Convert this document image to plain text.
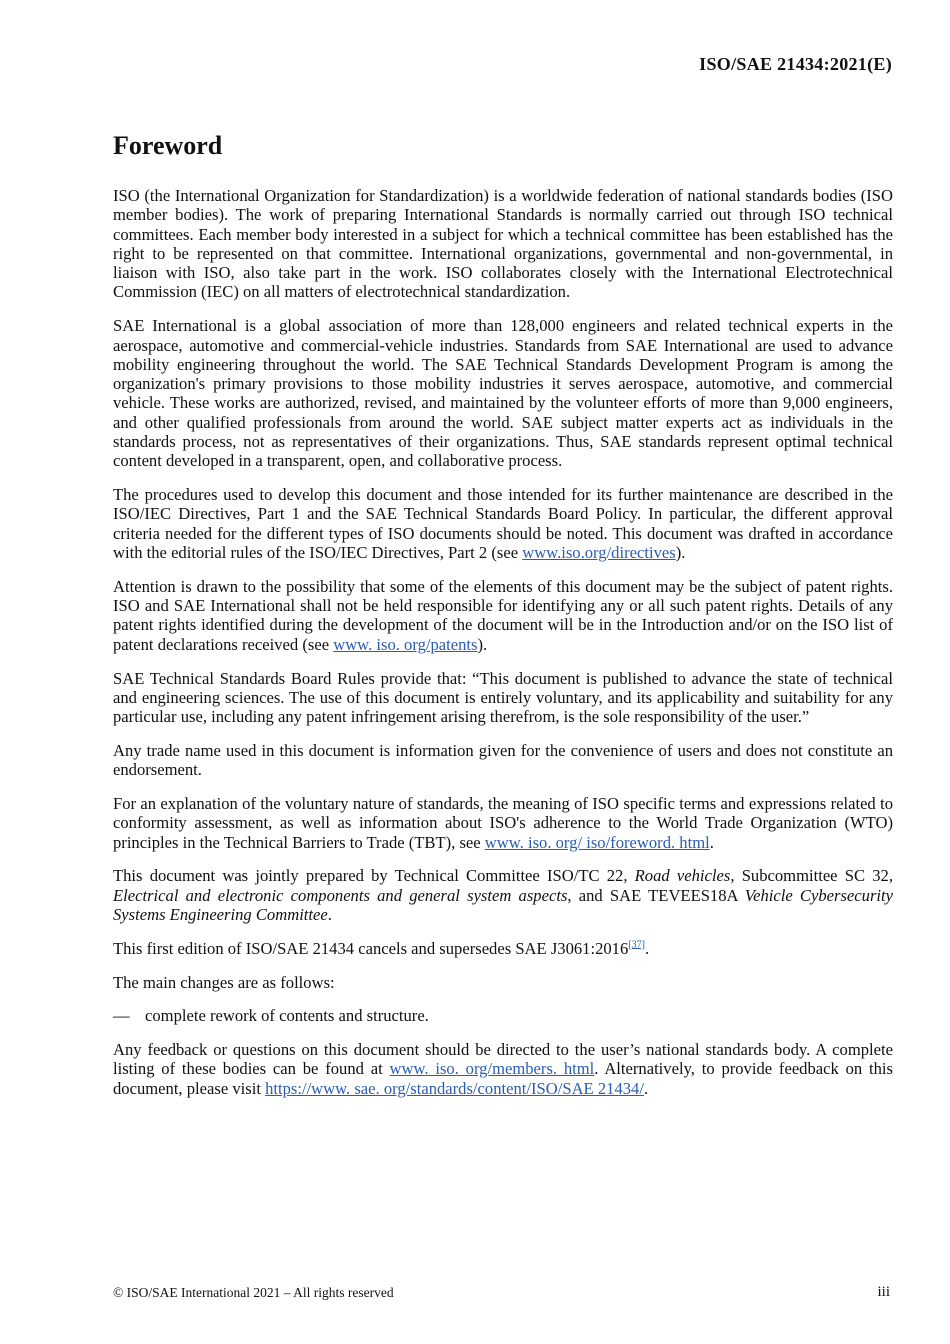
ISO/SAE 21434:2021(E)
Foreword

ISO (the International Organization for Standardization) is a worldwide federation of national standards bodies (ISO member bodies). The work of preparing International Standards is normally carried out through ISO technical committees. Each member body interested in a subject for which a technical committee has been established has the right to be represented on that committee. International organizations, governmental and non-governmental, in liaison with ISO, also take part in the work. ISO collaborates closely with the International Electrotechnical Commission (IEC) on all matters of electrotechnical standardization.

SAE International is a global association of more than 128,000 engineers and related technical experts in the aerospace, automotive and commercial-vehicle industries. Standards from SAE International are used to advance mobility engineering throughout the world. The SAE Technical Standards Development Program is among the organization's primary provisions to those mobility industries it serves aerospace, automotive, and commercial vehicle. These works are authorized, revised, and maintained by the volunteer efforts of more than 9,000 engineers, and other qualified professionals from around the world. SAE subject matter experts act as individuals in the standards process, not as representatives of their organizations. Thus, SAE standards represent optimal technical content developed in a transparent, open, and collaborative process.

The procedures used to develop this document and those intended for its further maintenance are described in the ISO/IEC Directives, Part 1 and the SAE Technical Standards Board Policy. In particular, the different approval criteria needed for the different types of ISO documents should be noted. This document was drafted in accordance with the editorial rules of the ISO/IEC Directives, Part 2 (see www.iso.org/directives).

Attention is drawn to the possibility that some of the elements of this document may be the subject of patent rights. ISO and SAE International shall not be held responsible for identifying any or all such patent rights. Details of any patent rights identified during the development of the document will be in the Introduction and/or on the ISO list of patent declarations received (see www. iso. org/patents).

SAE Technical Standards Board Rules provide that: “This document is published to advance the state of technical and engineering sciences. The use of this document is entirely voluntary, and its applicability and suitability for any particular use, including any patent infringement arising therefrom, is the sole responsibility of the user.”

Any trade name used in this document is information given for the convenience of users and does not constitute an endorsement.

For an explanation of the voluntary nature of standards, the meaning of ISO specific terms and expressions related to conformity assessment, as well as information about ISO's adherence to the World Trade Organization (WTO) principles in the Technical Barriers to Trade (TBT), see www. iso. org/ iso/foreword. html.

This document was jointly prepared by Technical Committee ISO/TC 22, Road vehicles, Subcommittee SC 32, Electrical and electronic components and general system aspects, and SAE TEVEES18A Vehicle Cybersecurity Systems Engineering Committee.

This first edition of ISO/SAE 21434 cancels and supersedes SAE J3061:2016[37].

The main changes are as follows:

— complete rework of contents and structure.

Any feedback or questions on this document should be directed to the user’s national standards body. A complete listing of these bodies can be found at www. iso. org/members. html. Alternatively, to provide feedback on this document, please visit https://www. sae. org/standards/content/ISO/SAE 21434/.

© ISO/SAE International 2021 – All rights reserved	iii
